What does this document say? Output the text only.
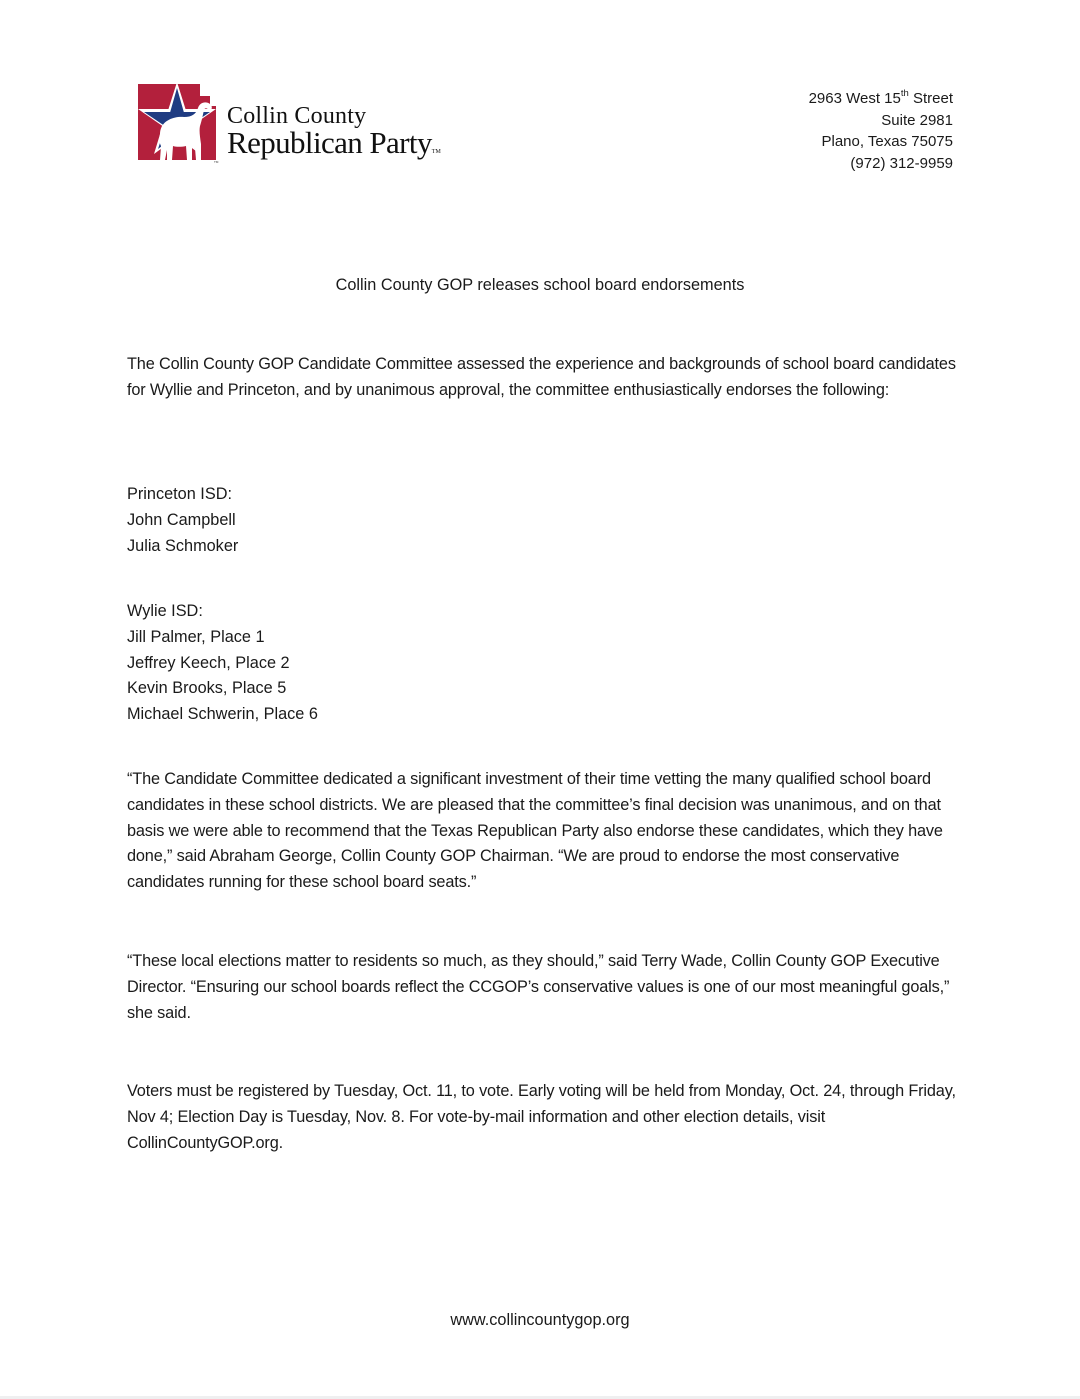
TM
Collin County
Republican PartyTM
2963 West 15th Street
Suite 2981
Plano, Texas 75075
(972) 312-9959
Collin County GOP releases school board endorsements

The Collin County GOP Candidate Committee assessed the experience and backgrounds of school board candidates for Wyllie and Princeton, and by unanimous approval, the committee enthusiastically endorses the following:

Princeton ISD:
John Campbell
Julia Schmoker
Wylie ISD:
Jill Palmer, Place 1
Jeffrey Keech, Place 2
Kevin Brooks, Place 5
Michael Schwerin, Place 6

“The Candidate Committee dedicated a significant investment of their time vetting the many qualified school board candidates in these school districts. We are pleased that the committee’s final decision was unanimous, and on that basis we were able to recommend that the Texas Republican Party also endorse these candidates, which they have done,” said Abraham George, Collin County GOP Chairman. “We are proud to endorse the most conservative candidates running for these school board seats.”

“These local elections matter to residents so much, as they should,” said Terry Wade, Collin County GOP Executive Director. “Ensuring our school boards reflect the CCGOP’s conservative values is one of our most meaningful goals,” she said.

Voters must be registered by Tuesday, Oct. 11, to vote. Early voting will be held from Monday, Oct. 24, through Friday, Nov 4; Election Day is Tuesday, Nov. 8. For vote-by-mail information and other election details, visit CollinCountyGOP.org.

www.collincountygop.org
